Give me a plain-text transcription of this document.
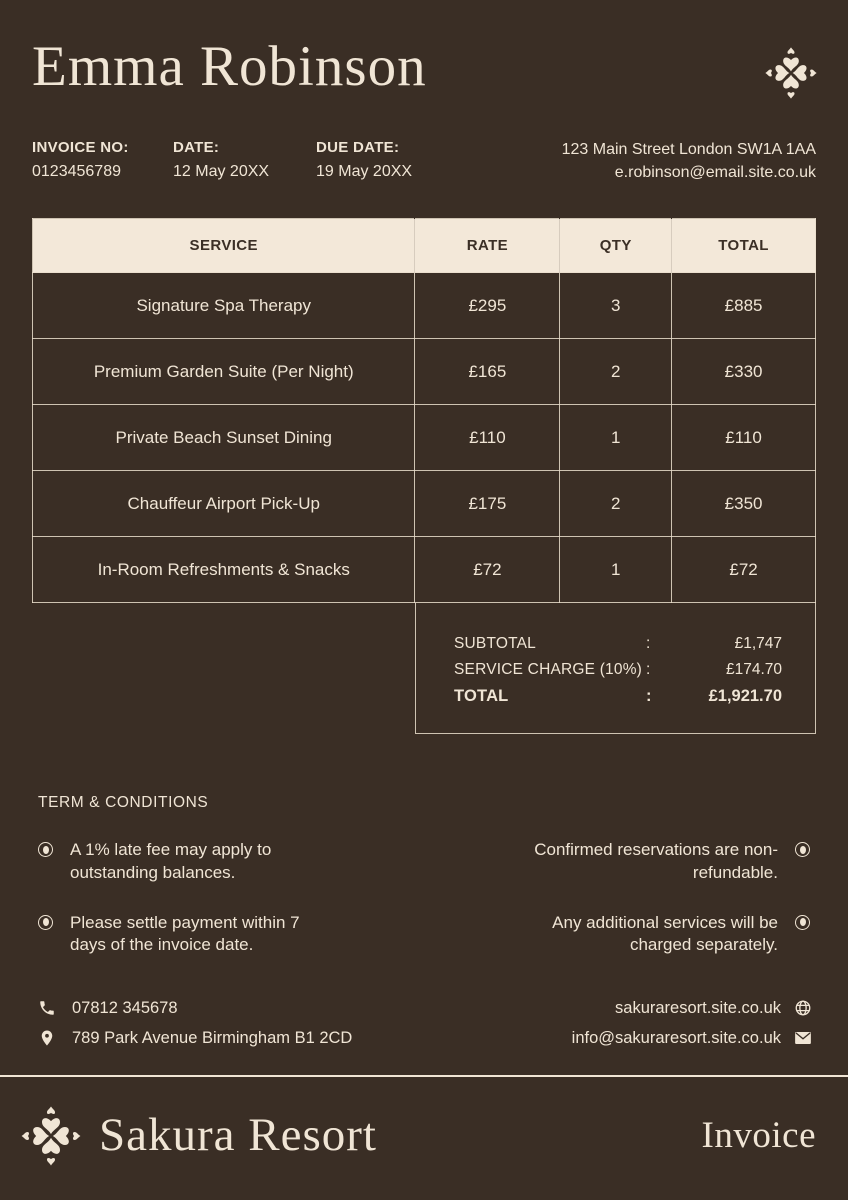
Emma Robinson
INVOICE NO:
0123456789
DATE:
12 May 20XX
DUE DATE:
19 May 20XX
123 Main Street London SW1A 1AA
e.robinson@email.site.co.uk
SERVICE	RATE	QTY	TOTAL
Signature Spa Therapy	£295	3	£885
Premium Garden Suite (Per Night)	£165	2	£330
Private Beach Sunset Dining	£110	1	£110
Chauffeur Airport Pick-Up	£175	2	£350
In-Room Refreshments & Snacks	£72	1	£72
SUBTOTAL	:	£1,747
SERVICE CHARGE (10%) :	£174.70
TOTAL	:	£1,921.70
TERM & CONDITIONS
A 1% late fee may apply to outstanding balances.
Please settle payment within 7 days of the invoice date.
Confirmed reservations are non-refundable.
Any additional services will be charged separately.
07812 345678
789 Park Avenue Birmingham B1 2CD
sakuraresort.site.co.uk
info@sakuraresort.site.co.uk
Sakura Resort	Invoice
